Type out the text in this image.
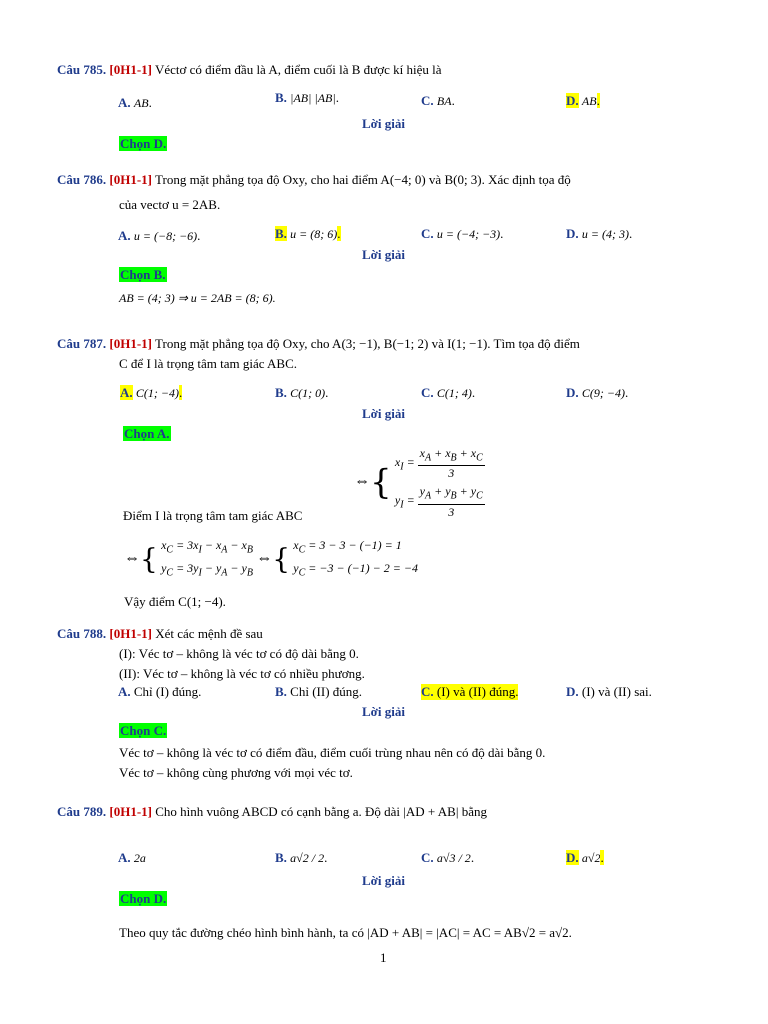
Câu 785. [0H1-1] Véctơ có điểm đầu là A, điểm cuối là B được kí hiệu là
A. AB.	B. |AB| |AB|.	C. BA.	D. AB.
Lời giải
Chọn D.
Câu 786. [0H1-1] Trong mặt phẳng tọa độ Oxy, cho hai điểm A(−4; 0) và B(0; 3). Xác định tọa độ
của vectơ u = 2AB.
A. u = (−8; −6).	B. u = (8; 6).	C. u = (−4; −3).	D. u = (4; 3).
Lời giải
Chọn B.
AB = (4; 3) ⇒ u = 2AB = (8; 6).
Câu 787. [0H1-1] Trong mặt phẳng tọa độ Oxy, cho A(3; −1), B(−1; 2) và I(1; −1). Tìm tọa độ điểm
C để I là trọng tâm tam giác ABC.
A. C(1; −4).	B. C(1; 0).	C. C(1; 4).	D. C(9; −4).
Lời giải
Chọn A.
⇔{
$x_I = \frac{x_A + x_B + x_C}{3}$
$y_I = \frac{y_A + y_B + y_C}{3}$
Điểm I là trọng tâm tam giác ABC
⇔{ $x_C = 3x_I - x_A - x_B$
$y_C = 3y_I - y_A - y_B$
⇔{ $x_C = 3 - 3 - (-1) = 1$
$y_C = -3 - (-1) - 2 = -4$
Vậy điểm C(1; −4).
Câu 788. [0H1-1] Xét các mệnh đề sau
(I): Véc tơ – không là véc tơ có độ dài bằng 0.
(II): Véc tơ – không là véc tơ có nhiều phương.
A. Chỉ (I) đúng.	B. Chỉ (II) đúng.	C. (I) và (II) đúng.	D. (I) và (II) sai.
Lời giải
Chọn C.
Véc tơ – không là véc tơ có điểm đầu, điểm cuối trùng nhau nên có độ dài bằng 0.
Véc tơ – không cùng phương với mọi véc tơ.
Câu 789. [0H1-1] Cho hình vuông ABCD có cạnh bằng a. Độ dài |AD + AB| bằng
A. 2a	B. a√2 / 2.	C. a√3 / 2.	D. a√2.
Lời giải
Chọn D.
Theo quy tắc đường chéo hình bình hành, ta có |AD + AB| = |AC| = AC = AB√2 = a√2.
1
